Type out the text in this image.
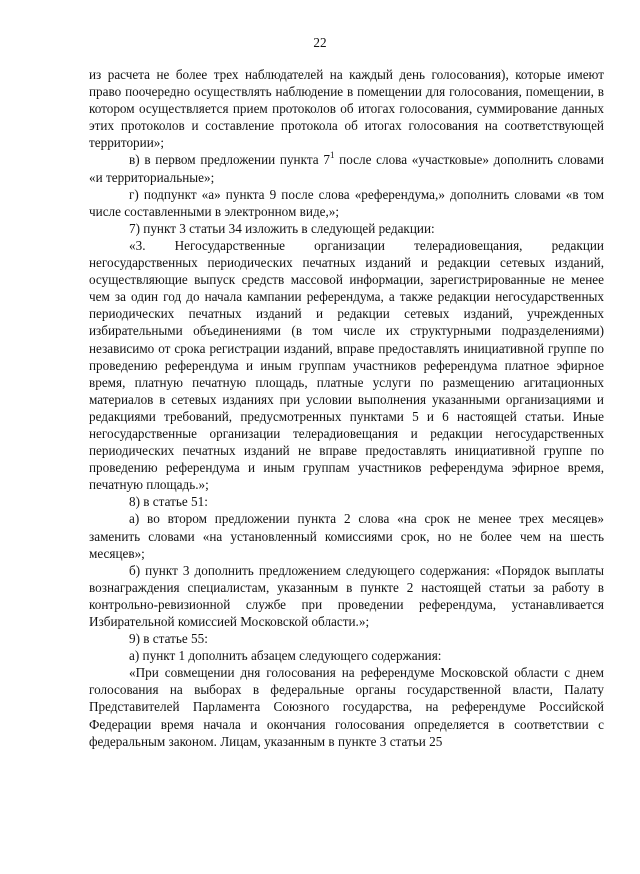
22

из расчета не более трех наблюдателей на каждый день голосования), которые имеют право поочередно осуществлять наблюдение в помещении для голосования, помещении, в котором осуществляется прием протоколов об итогах голосования, суммирование данных этих протоколов и составление протокола об итогах голосования на соответствующей территории»;

в) в первом предложении пункта $7^1$ после слова «участковые» дополнить словами «и территориальные»;

г) подпункт «а» пункта 9 после слова «референдума,» дополнить словами «в том числе составленными в электронном виде,»;

7) пункт 3 статьи 34 изложить в следующей редакции:

«3. Негосударственные организации телерадиовещания, редакции негосударственных периодических печатных изданий и редакции сетевых изданий, осуществляющие выпуск средств массовой информации, зарегистрированные не менее чем за один год до начала кампании референдума, а также редакции негосударственных периодических печатных изданий и редакции сетевых изданий, учрежденных избирательными объединениями (в том числе их структурными подразделениями) независимо от срока регистрации изданий, вправе предоставлять инициативной группе по проведению референдума и иным группам участников референдума платное эфирное время, платную печатную площадь, платные услуги по размещению агитационных материалов в сетевых изданиях при условии выполнения указанными организациями и редакциями требований, предусмотренных пунктами 5 и 6 настоящей статьи. Иные негосударственные организации телерадиовещания и редакции негосударственных периодических печатных изданий не вправе предоставлять инициативной группе по проведению референдума и иным группам участников референдума эфирное время, печатную площадь.»;

8) в статье 51:

а) во втором предложении пункта 2 слова «на срок не менее трех месяцев» заменить словами «на установленный комиссиями срок, но не более чем на шесть месяцев»;

б) пункт 3 дополнить предложением следующего содержания: «Порядок выплаты вознаграждения специалистам, указанным в пункте 2 настоящей статьи за работу в контрольно-ревизионной службе при проведении референдума, устанавливается Избирательной комиссией Московской области.»;

9) в статье 55:

а) пункт 1 дополнить абзацем следующего содержания:

«При совмещении дня голосования на референдуме Московской области с днем голосования на выборах в федеральные органы государственной власти, Палату Представителей Парламента Союзного государства, на референдуме Российской Федерации время начала и окончания голосования определяется в соответствии с федеральным законом. Лицам, указанным в пункте 3 статьи 25
